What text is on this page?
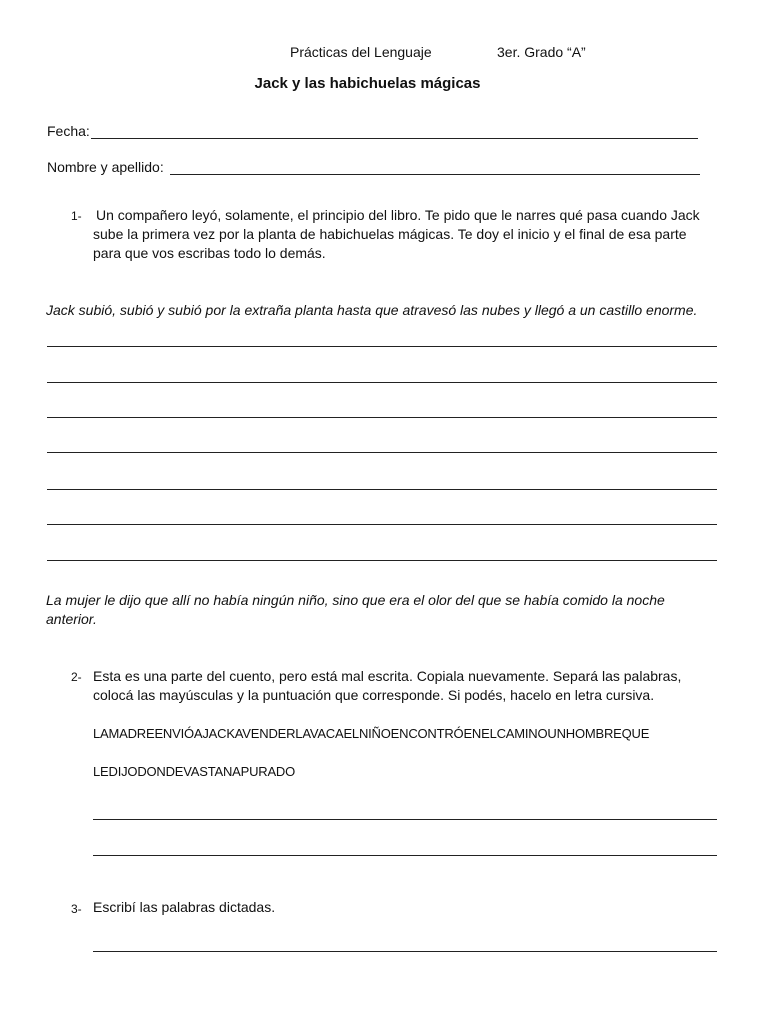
Prácticas del Lenguaje	3er. Grado “A”
Jack y las habichuelas mágicas
Fecha:
Nombre y apellido:
1- Un compañero leyó, solamente, el principio del libro. Te pido que le narres qué pasa cuando Jack sube la primera vez por la planta de habichuelas mágicas. Te doy el inicio y el final de esa parte para que vos escribas todo lo demás.
Jack subió, subió y subió por la extraña planta hasta que atravesó las nubes y llegó a un castillo enorme.
La mujer le dijo que allí no había ningún niño, sino que era el olor del que se había comido la noche anterior.
2- Esta es una parte del cuento, pero está mal escrita. Copiala nuevamente. Separá las palabras, colocá las mayúsculas y la puntuación que corresponde. Si podés, hacelo en letra cursiva.
LAMADREENVIÓAJACKAVENDERLAVACAELNIÑOENCONTRÓENELCAMINOUNHOMBREQUE
LEDIJODONDEVASTANAPURADO
3- Escribí las palabras dictadas.
